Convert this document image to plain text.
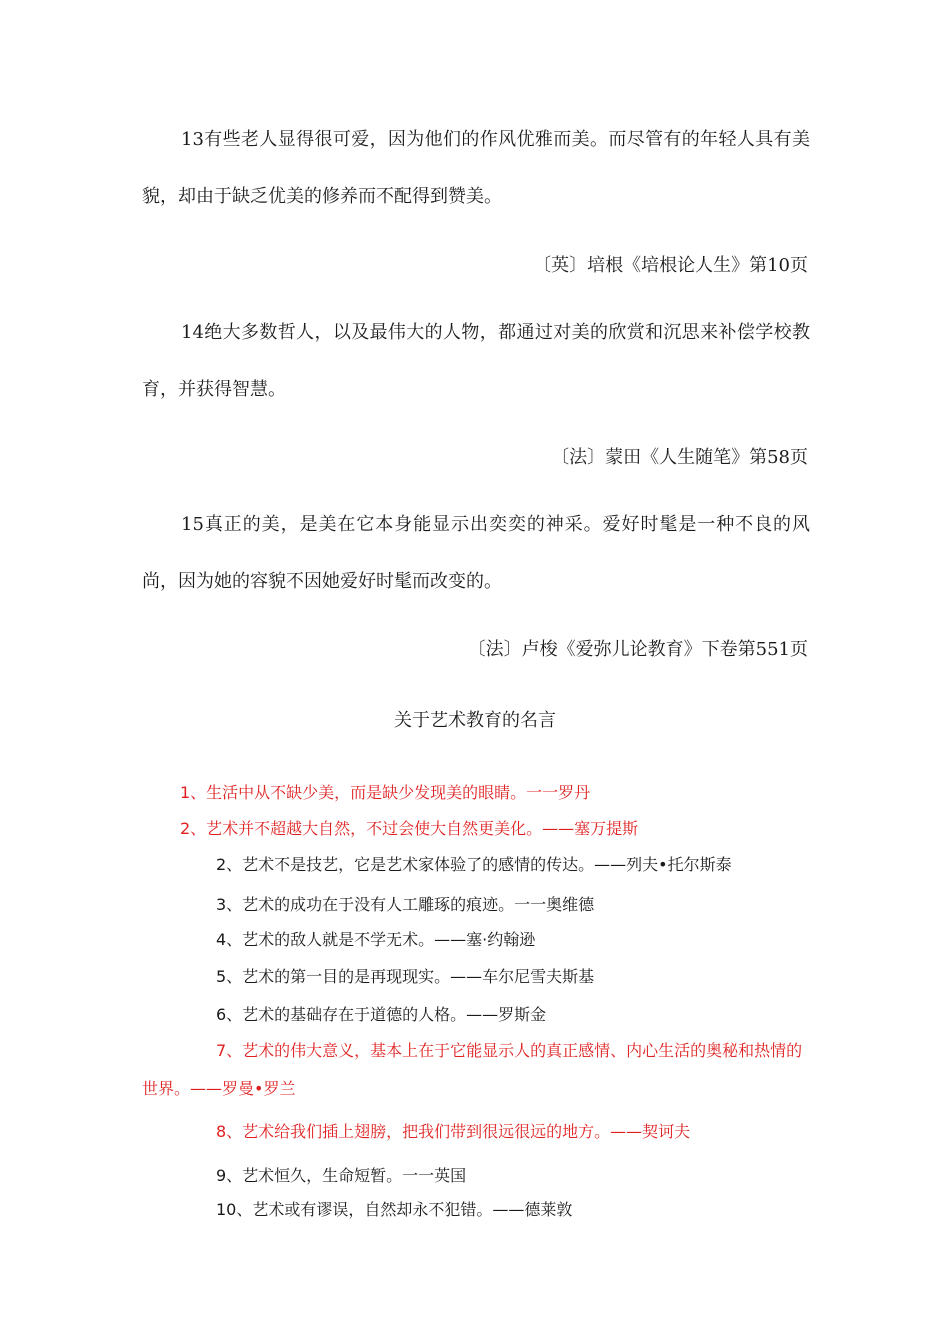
13有些老人显得很可爱，因为他们的作风优雅而美。而尽管有的年轻人具有美貌，却由于缺乏优美的修养而不配得到赞美。

〔英〕培根《培根论人生》第10页

14绝大多数哲人，以及最伟大的人物，都通过对美的欣赏和沉思来补偿学校教育，并获得智慧。

〔法〕蒙田《人生随笔》第58页

15真正的美，是美在它本身能显示出奕奕的神采。爱好时髦是一种不良的风尚，因为她的容貌不因她爱好时髦而改变的。

〔法〕卢梭《爱弥儿论教育》下卷第551页

关于艺术教育的名言

1、生活中从不缺少美，而是缺少发现美的眼睛。一一罗丹

2、艺术并不超越大自然，不过会使大自然更美化。——塞万提斯

2、艺术不是技艺，它是艺术家体验了的感情的传达。——列夫•托尔斯泰

3、艺术的成功在于没有人工雕琢的痕迹。一一奥维德

4、艺术的敌人就是不学无术。——塞·约翰逊

5、艺术的第一目的是再现现实。——车尔尼雪夫斯基

6、艺术的基础存在于道德的人格。——罗斯金

7、艺术的伟大意义，基本上在于它能显示人的真正感情、内心生活的奥秘和热情的世界。——罗曼•罗兰

8、艺术给我们插上翅膀，把我们带到很远很远的地方。——契诃夫

9、艺术恒久，生命短暂。一一英国

10、艺术或有谬误，自然却永不犯错。——德莱敦
